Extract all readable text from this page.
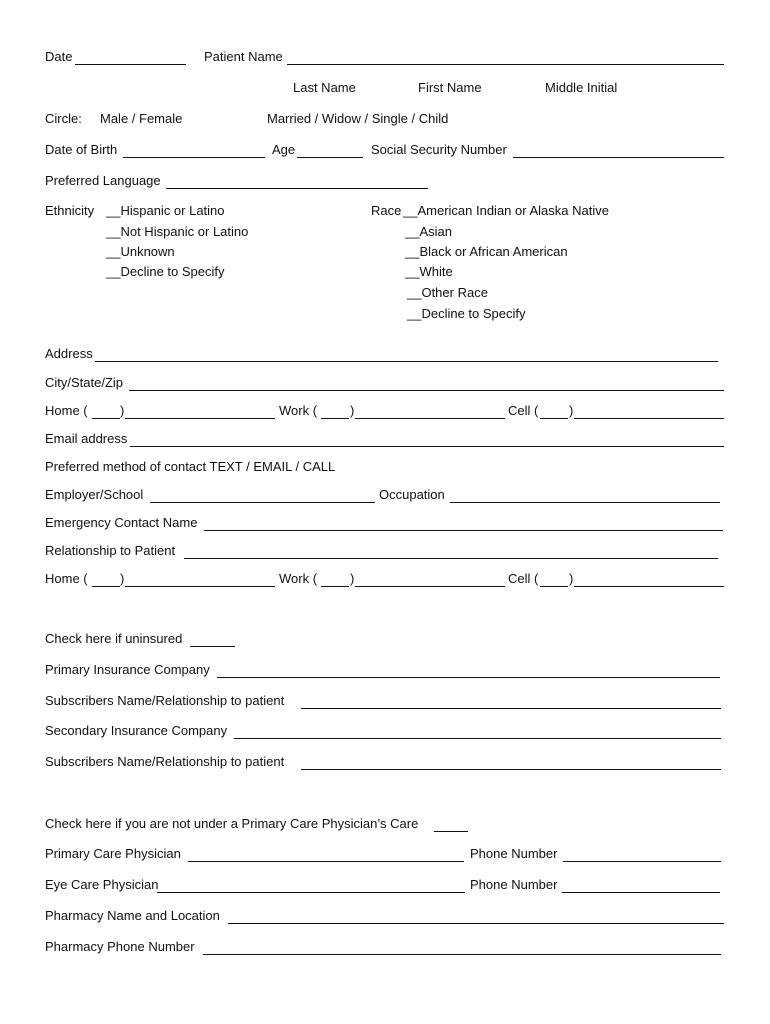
Date	Patient Name
Last Name	First Name	Middle Initial
Circle: Male / Female	Married / Widow / Single / Child
Date of Birth	Age	Social Security Number
Preferred Language
Ethnicity __Hispanic or Latino
__Not Hispanic or Latino
__Unknown
__Decline to Specify
Race __American Indian or Alaska Native
__Asian
__Black or African American
__White
__Other Race
__Decline to Specify
Address
City/State/Zip
Home ( )	Work (	)	Cell ( )
Email address
Preferred method of contact TEXT / EMAIL / CALL
Employer/School	Occupation
Emergency Contact Name
Relationship to Patient
Home ( )	Work (	)	Cell ( )
Check here if uninsured
Primary Insurance Company
Subscribers Name/Relationship to patient
Secondary Insurance Company
Subscribers Name/Relationship to patient
Check here if you are not under a Primary Care Physician’s Care
Primary Care Physician	Phone Number
Eye Care Physician	Phone Number
Pharmacy Name and Location
Pharmacy Phone Number
